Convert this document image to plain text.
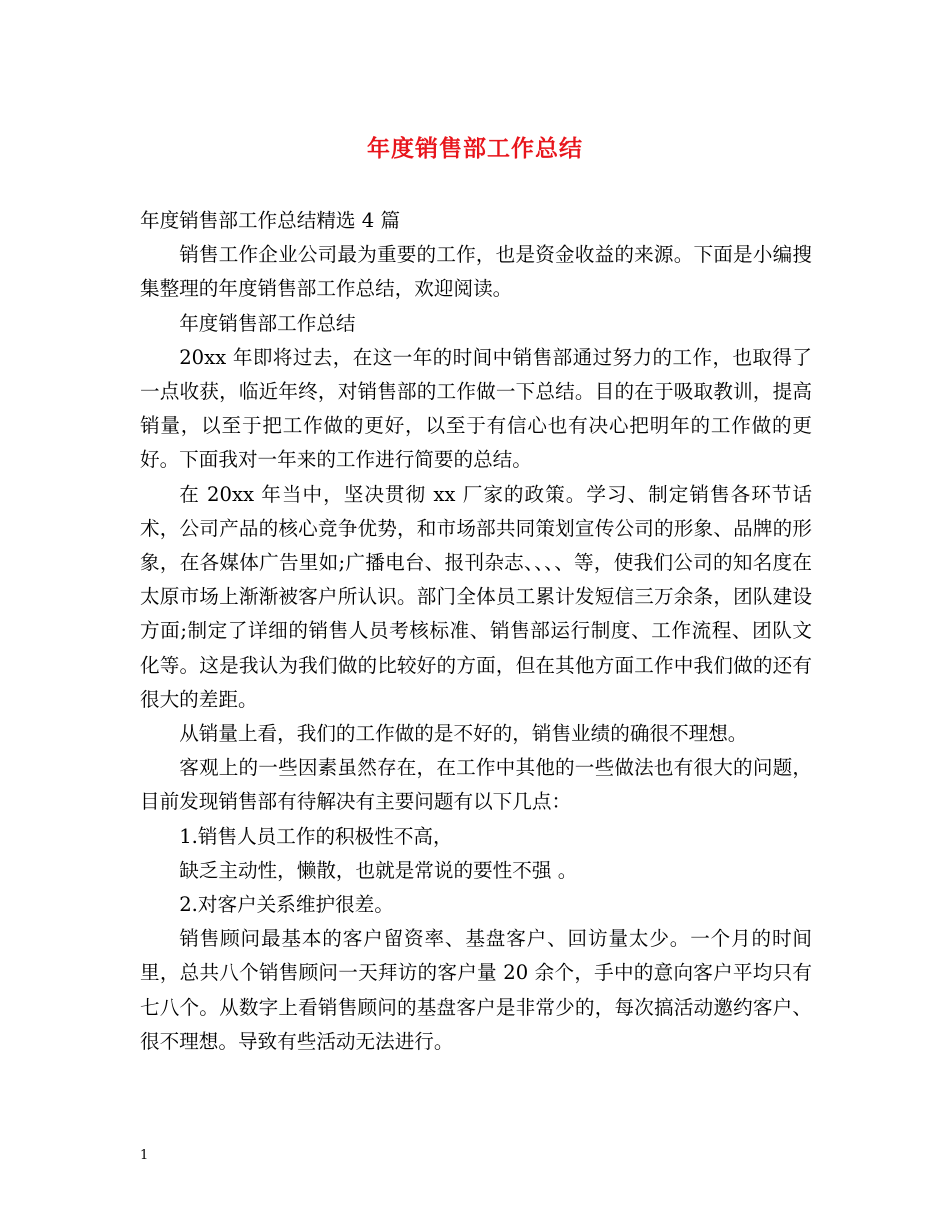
年度销售部工作总结

年度销售部工作总结精选 4 篇

销售工作企业公司最为重要的工作，也是资金收益的来源。下面是小编搜集整理的年度销售部工作总结，欢迎阅读。

年度销售部工作总结

20xx 年即将过去，在这一年的时间中销售部通过努力的工作，也取得了一点收获，临近年终，对销售部的工作做一下总结。目的在于吸取教训，提高销量，以至于把工作做的更好，以至于有信心也有决心把明年的工作做的更好。下面我对一年来的工作进行简要的总结。

在 20xx 年当中，坚决贯彻 xx 厂家的政策。学习、制定销售各环节话术，公司产品的核心竞争优势，和市场部共同策划宣传公司的形象、品牌的形象，在各媒体广告里如;广播电台、报刊杂志、、、、等，使我们公司的知名度在太原市场上渐渐被客户所认识。部门全体员工累计发短信三万余条，团队建设方面;制定了详细的销售人员考核标准、销售部运行制度、工作流程、团队文化等。这是我认为我们做的比较好的方面，但在其他方面工作中我们做的还有很大的差距。

从销量上看，我们的工作做的是不好的，销售业绩的确很不理想。

客观上的一些因素虽然存在，在工作中其他的一些做法也有很大的问题，目前发现销售部有待解决有主要问题有以下几点：

1.销售人员工作的积极性不高，

缺乏主动性，懒散，也就是常说的要性不强 。

2.对客户关系维护很差。

销售顾问最基本的客户留资率、基盘客户、回访量太少。一个月的时间里，总共八个销售顾问一天拜访的客户量 20 余个，手中的意向客户平均只有七八个。从数字上看销售顾问的基盘客户是非常少的，每次搞活动邀约客户、很不理想。导致有些活动无法进行。

1
